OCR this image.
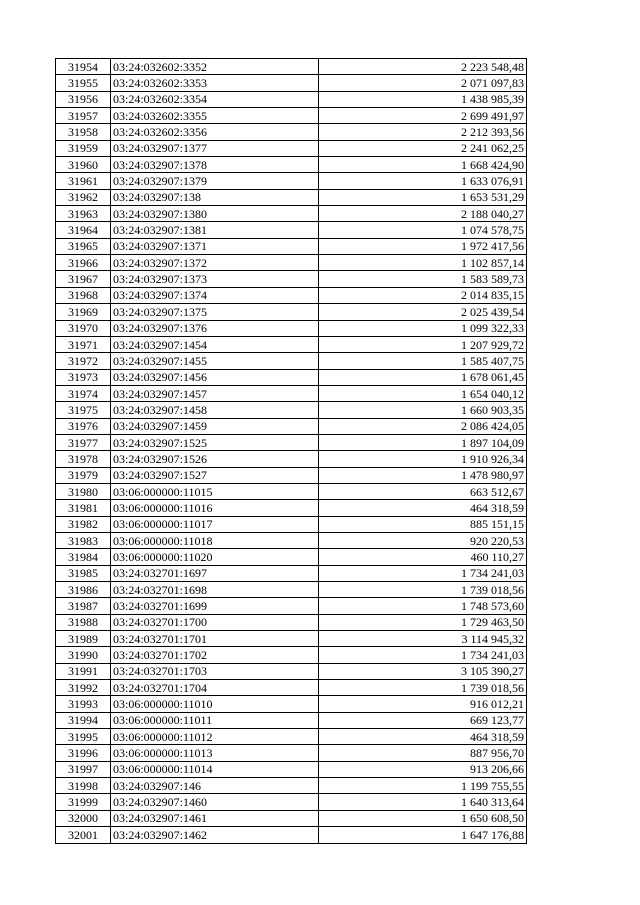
31954	03:24:032602:3352	2 223 548,48
31955	03:24:032602:3353	2 071 097,83
31956	03:24:032602:3354	1 438 985,39
31957	03:24:032602:3355	2 699 491,97
31958	03:24:032602:3356	2 212 393,56
31959	03:24:032907:1377	2 241 062,25
31960	03:24:032907:1378	1 668 424,90
31961	03:24:032907:1379	1 633 076,91
31962	03:24:032907:138	1 653 531,29
31963	03:24:032907:1380	2 188 040,27
31964	03:24:032907:1381	1 074 578,75
31965	03:24:032907:1371	1 972 417,56
31966	03:24:032907:1372	1 102 857,14
31967	03:24:032907:1373	1 583 589,73
31968	03:24:032907:1374	2 014 835,15
31969	03:24:032907:1375	2 025 439,54
31970	03:24:032907:1376	1 099 322,33
31971	03:24:032907:1454	1 207 929,72
31972	03:24:032907:1455	1 585 407,75
31973	03:24:032907:1456	1 678 061,45
31974	03:24:032907:1457	1 654 040,12
31975	03:24:032907:1458	1 660 903,35
31976	03:24:032907:1459	2 086 424,05
31977	03:24:032907:1525	1 897 104,09
31978	03:24:032907:1526	1 910 926,34
31979	03:24:032907:1527	1 478 980,97
31980	03:06:000000:11015	663 512,67
31981	03:06:000000:11016	464 318,59
31982	03:06:000000:11017	885 151,15
31983	03:06:000000:11018	920 220,53
31984	03:06:000000:11020	460 110,27
31985	03:24:032701:1697	1 734 241,03
31986	03:24:032701:1698	1 739 018,56
31987	03:24:032701:1699	1 748 573,60
31988	03:24:032701:1700	1 729 463,50
31989	03:24:032701:1701	3 114 945,32
31990	03:24:032701:1702	1 734 241,03
31991	03:24:032701:1703	3 105 390,27
31992	03:24:032701:1704	1 739 018,56
31993	03:06:000000:11010	916 012,21
31994	03:06:000000:11011	669 123,77
31995	03:06:000000:11012	464 318,59
31996	03:06:000000:11013	887 956,70
31997	03:06:000000:11014	913 206,66
31998	03:24:032907:146	1 199 755,55
31999	03:24:032907:1460	1 640 313,64
32000	03:24:032907:1461	1 650 608,50
32001	03:24:032907:1462	1 647 176,88
